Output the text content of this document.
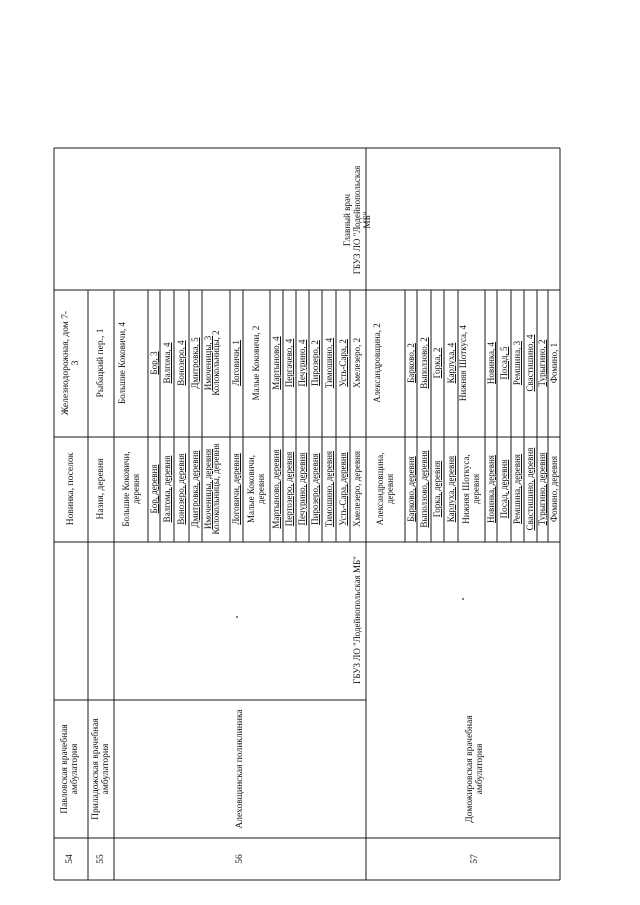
54
Павловская врачебная амбулатория
Новинка, поселок
Железнодорожная, дом 7- 3
55
Приладожская врачебная амбулатория
Назия, деревня
Рыбацкий пер., 1
56
Алеховщинская поликлиника
Большие Коковичи, деревня
Большие Коковичи, 4
Бор, деревня
Бор, 3
Валгома, деревня
Валгома, 4
Вонозеро, деревня
Вонозеро, 4
Дмитровка, деревня
Дмитровка, 5
Имоченицы, деревня
Имоченицы, 3
Колокольницы, деревня
Колокольницы, 2
Логовичи, деревня
Логовичи, 1
Малые Коковичи, деревня
Малые Коковичи, 2
Мартыново, деревня
Мартыново, 4
Пертозеро, деревня
Пергачево, 4
Печурино, деревня
Печурино, 4
Пирозеро, деревня
Пирозеро, 2
Тимошино, деревня
Тимошино, 4
Усть-Сара, деревня
Усть-Сара, 2
Хмелезеро, деревня
Хмелезеро, 2
ГБУЗ ЛО "Лодейнопольская МБ"
Главный врач ГБУЗ ЛО "Лодейнопольская МБ"
57
Доможировская врачебная амбулатория
Александровщина, деревня
Александровщина, 2
Барково, деревня
Барково, 2
Выползово, деревня
Выползово, 2
Горка, деревня
Горка, 2
Карлуха, деревня
Карлуха, 4
Нижняя Шоткуса, деревня
Нижняя Шоткуса, 4
Новинка, деревня
Новинка, 4
Посад, деревня
Посад, 5
Ремшина, деревня
Ремшина, 3
Свастишино, деревня
Свастишино, 4
Турыгино, деревня
Турыгино, 2
Фомино, деревня
Фомино, 1
